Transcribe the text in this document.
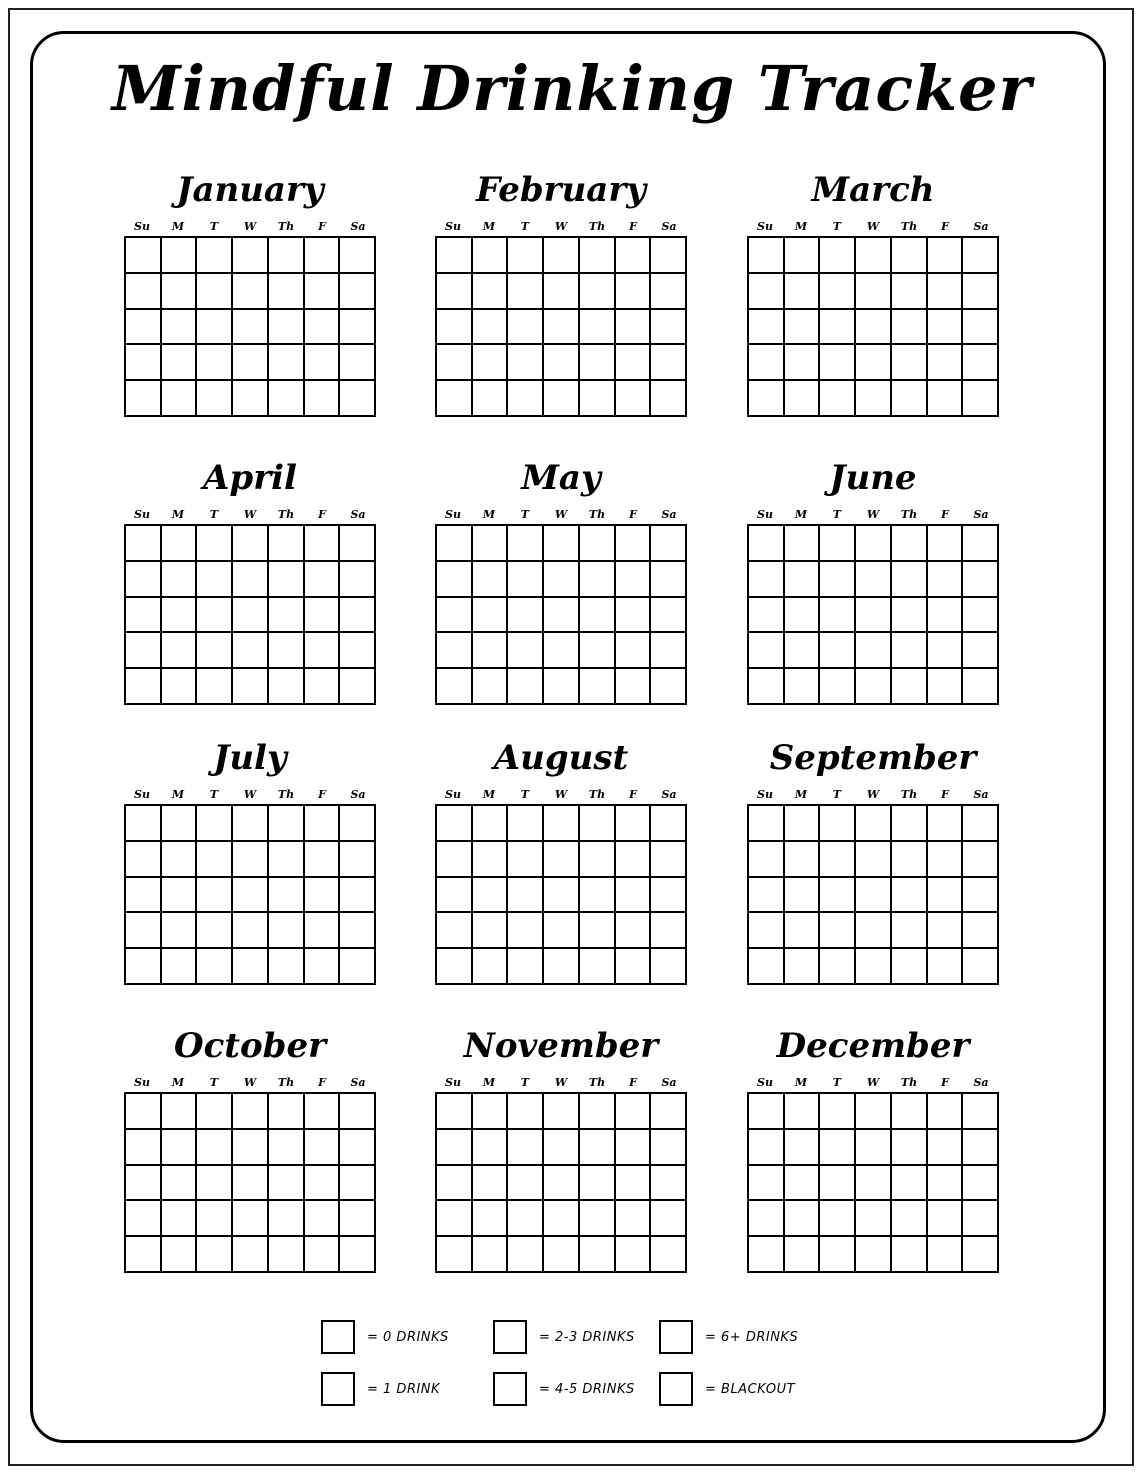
Mindful Drinking Tracker
January
Su	M	T	W	Th	F	Sa
February
Su	M	T	W	Th	F	Sa
March
Su	M	T	W	Th	F	Sa
April
Su	M	T	W	Th	F	Sa
May
Su	M	T	W	Th	F	Sa
June
Su	M	T	W	Th	F	Sa
July
Su	M	T	W	Th	F	Sa
August
Su	M	T	W	Th	F	Sa
September
Su	M	T	W	Th	F	Sa
October
Su	M	T	W	Th	F	Sa
November
Su	M	T	W	Th	F	Sa
December
Su	M	T	W	Th	F	Sa
= 0 DRINKS	= 2-3 DRINKS	= 6+ DRINKS
= 1 DRINK	= 4-5 DRINKS	= BLACKOUT
